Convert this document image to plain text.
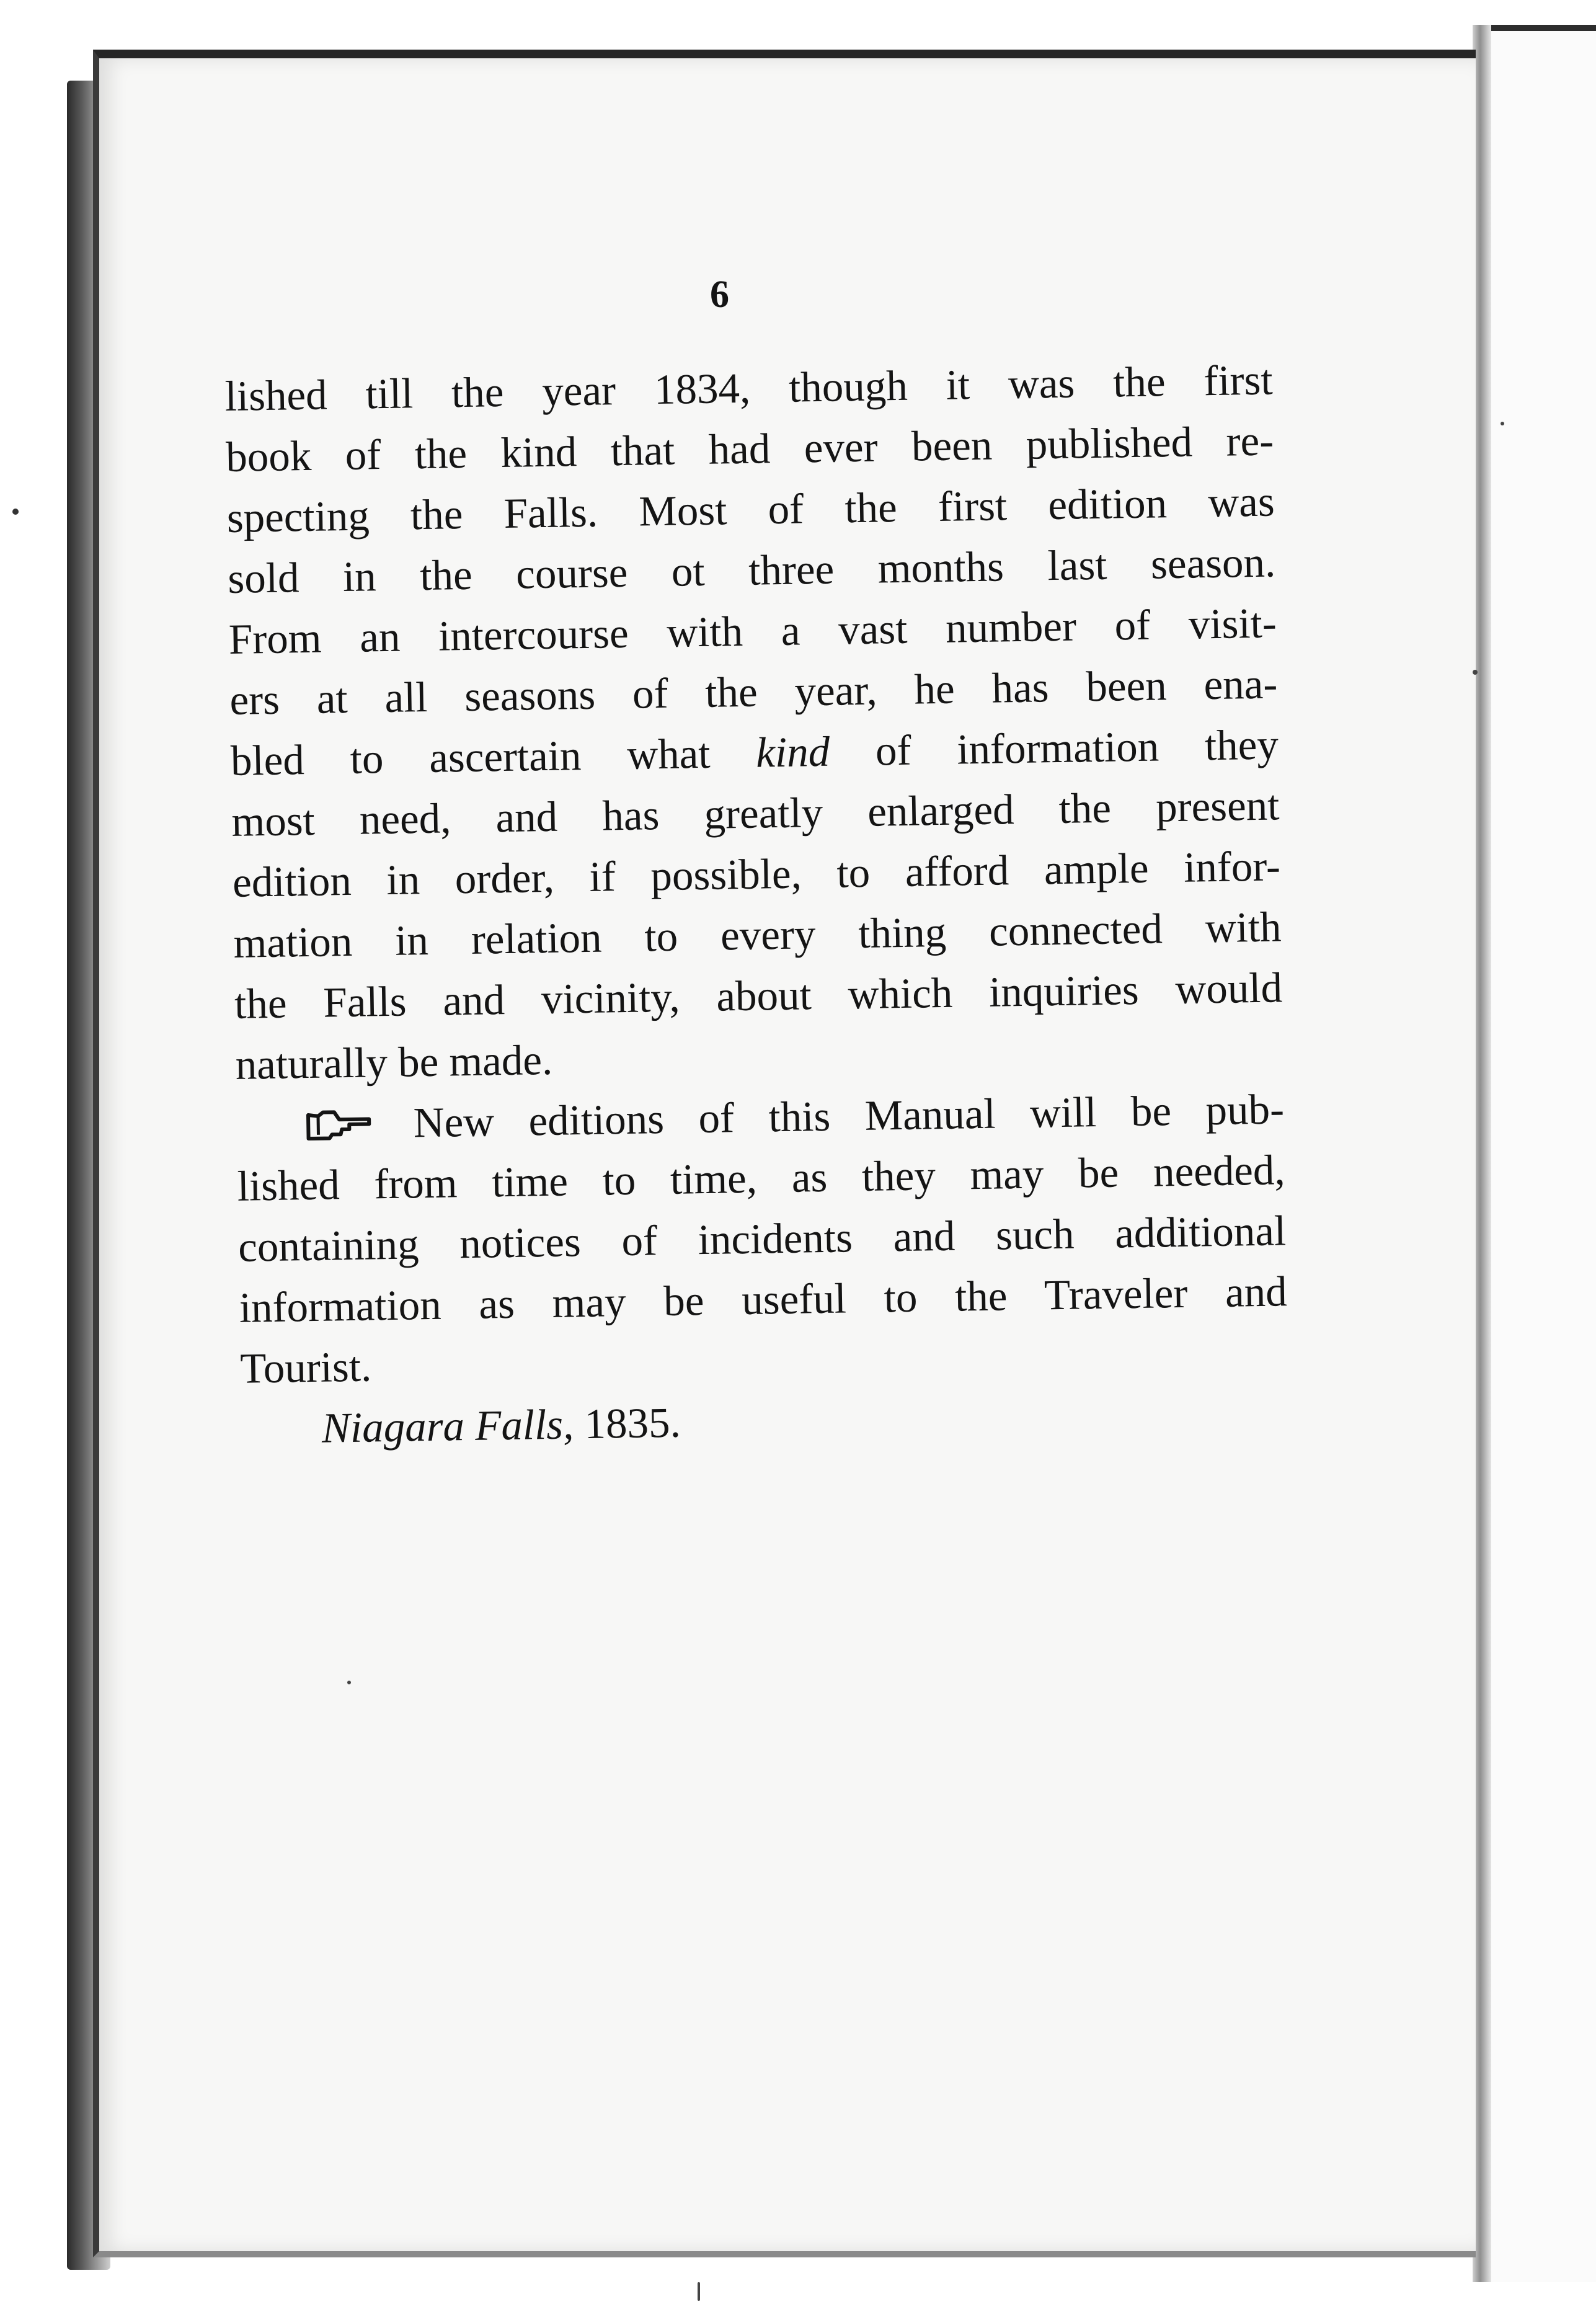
6
lished till the year 1834, though it was the first
book of the kind that had ever been published re-
specting the Falls. Most of the first edition was
sold in the course ot three months last season.
From an intercourse with a vast number of visit-
ers at all seasons of the year, he has been ena-
bled to ascertain what kind of information they
most need, and has greatly enlarged the present
edition in order, if possible, to afford ample infor-
mation in relation to every thing connected with
the Falls and vicinity, about which inquiries would
naturally be made.
New editions of this Manual will be pub-
lished from time to time, as they may be needed,
containing notices of incidents and such additional
information as may be useful to the Traveler and
Tourist.
Niagara Falls, 1835.
